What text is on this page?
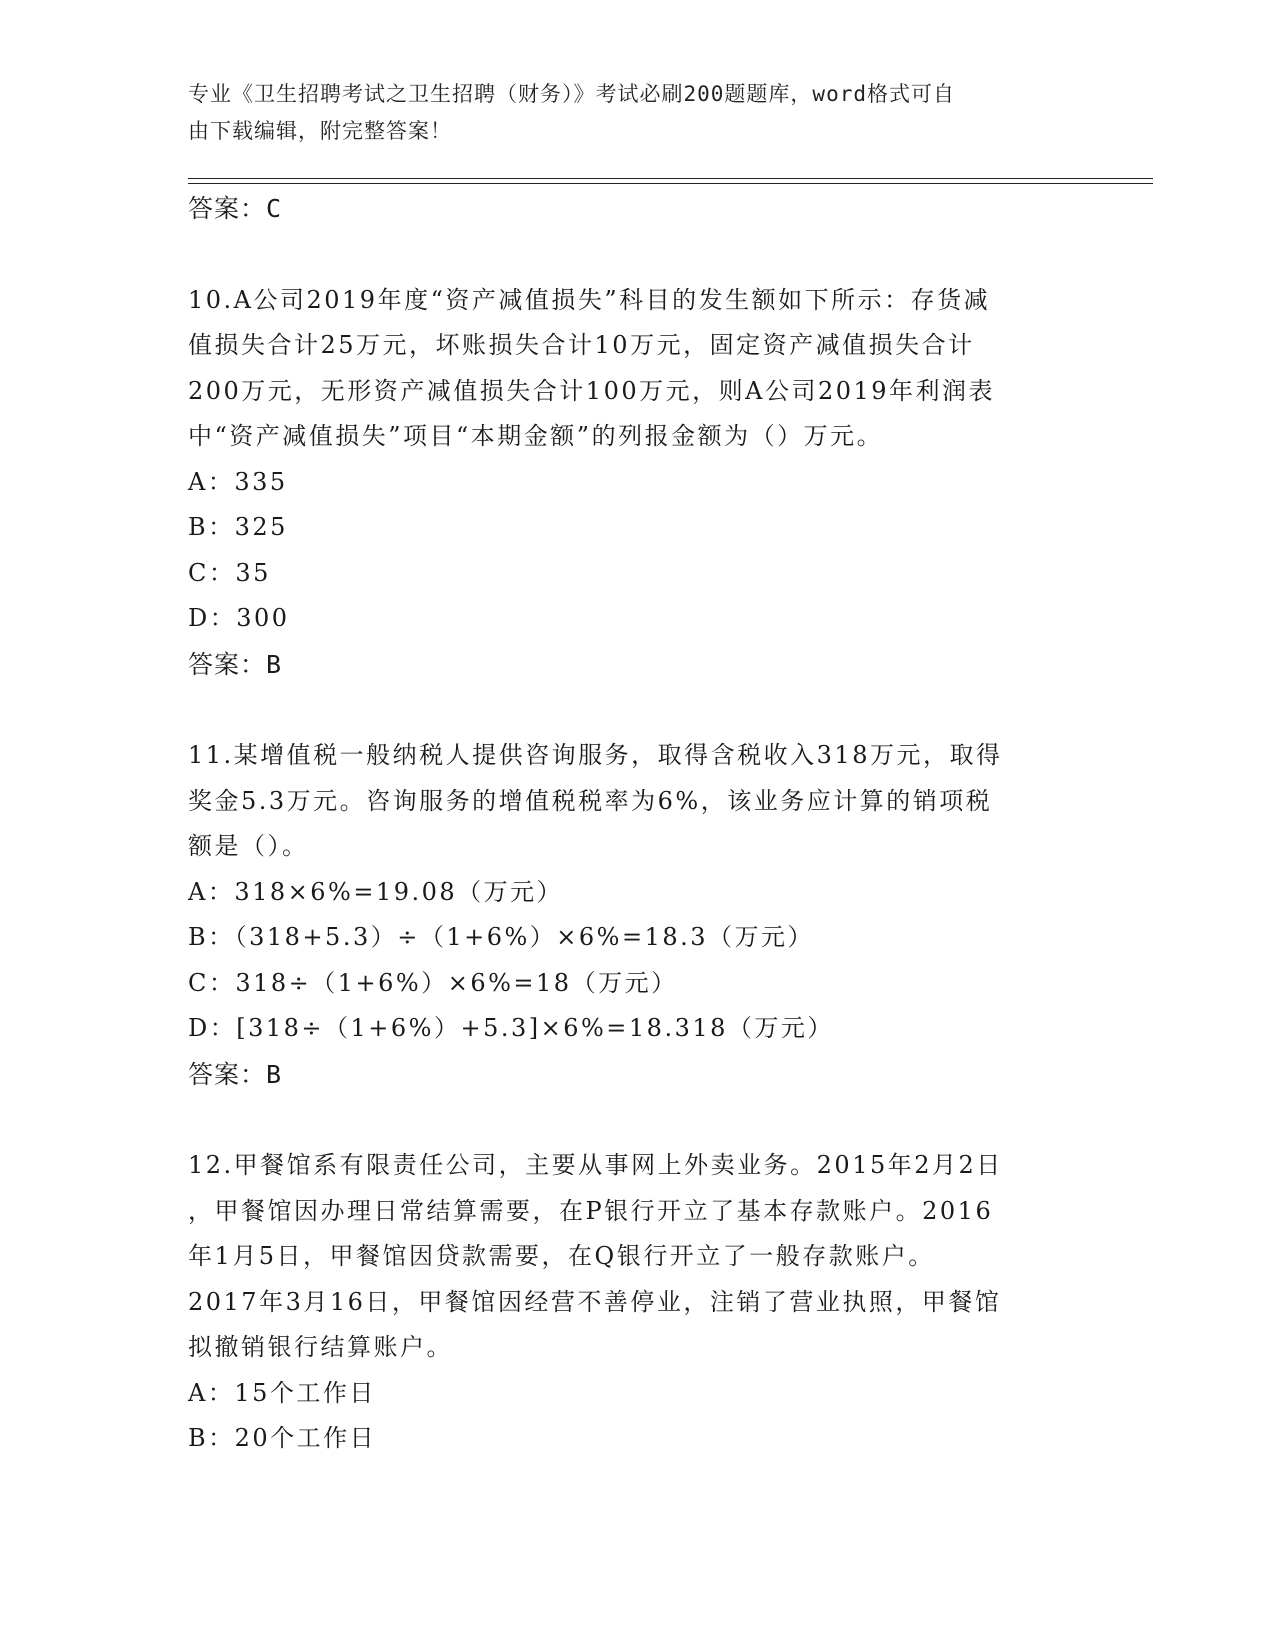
专业《卫生招聘考试之卫生招聘（财务）》考试必刷200题题库，word格式可自

由下载编辑，附完整答案！

答案：C

10.A公司2019年度“资产减值损失”科目的发生额如下所示：存货减

值损失合计25万元，坏账损失合计10万元，固定资产减值损失合计

200万元，无形资产减值损失合计100万元，则A公司2019年利润表

中“资产减值损失”项目“本期金额”的列报金额为（）万元。

A：335

B：325

C：35

D：300

答案：B

11.某增值税一般纳税人提供咨询服务，取得含税收入318万元，取得

奖金5.3万元。咨询服务的增值税税率为6%，该业务应计算的销项税

额是（）。

A：318×6%=19.08（万元）

B：（318+5.3）÷（1+6%）×6%=18.3（万元）

C：318÷（1+6%）×6%=18（万元）

D：[318÷（1+6%）+5.3]×6%=18.318（万元）

答案：B

12.甲餐馆系有限责任公司，主要从事网上外卖业务。2015年2月2日

，甲餐馆因办理日常结算需要，在P银行开立了基本存款账户。2016

年1月5日，甲餐馆因贷款需要，在Q银行开立了一般存款账户。

2017年3月16日，甲餐馆因经营不善停业，注销了营业执照，甲餐馆

拟撤销银行结算账户。

A：15个工作日

B：20个工作日
